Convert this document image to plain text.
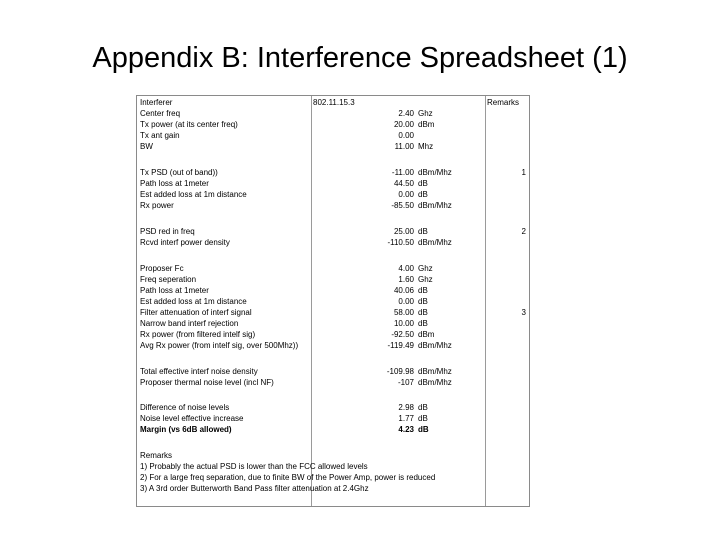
Appendix B: Interference Spreadsheet (1)
Interferer	802.11.15.3	Remarks
Center freq	2.40 Ghz
Tx power (at its center freq)	20.00 dBm
Tx ant gain	0.00
BW	11.00 Mhz
Tx PSD (out of band))	-11.00 dBm/Mhz	1
Path loss at 1meter	44.50 dB
Est added loss at 1m distance	0.00 dB
Rx power	-85.50 dBm/Mhz
PSD red in freq	25.00 dB	2
Rcvd interf power density	-110.50 dBm/Mhz
Proposer Fc	4.00 Ghz
Freq seperation	1.60 Ghz
Path loss at 1meter	40.06 dB
Est added loss at 1m distance	0.00 dB
Filter attenuation of interf signal	58.00 dB	3
Narrow band interf rejection	10.00 dB
Rx power (from filtered intelf sig)	-92.50 dBm
Avg Rx power (from intelf sig, over 500Mhz))	-119.49 dBm/Mhz
Total effective interf noise density	-109.98 dBm/Mhz
Proposer thermal noise level (incl NF)	-107 dBm/Mhz
Difference of noise levels	2.98 dB
Noise level effective increase	1.77 dB
Margin (vs 6dB allowed)	4.23 dB
Remarks
1) Probably the actual PSD is lower than the FCC allowed levels
2) For a large freq separation, due to finite BW of the Power Amp, power is reduced
3) A 3rd order Butterworth Band Pass filter attenuation at 2.4Ghz
